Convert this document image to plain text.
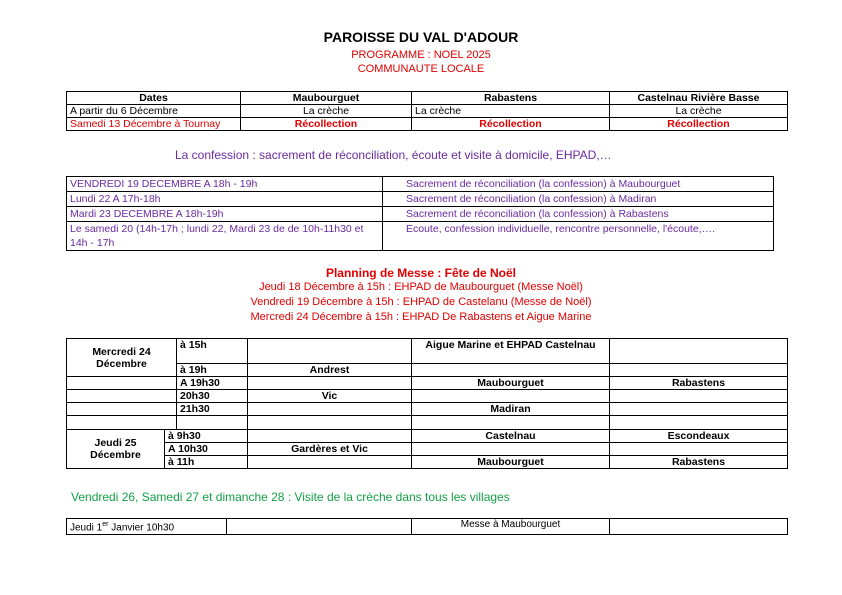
PAROISSE DU VAL D'ADOUR
PROGRAMME : NOEL 2025
COMMUNAUTE LOCALE
Dates	Maubourguet	Rabastens	Castelnau Rivière Basse
A partir du 6 Décembre	La crèche	La crèche	La crèche
Samedi 13 Décembre à Tournay	Récollection	Récollection	Récollection
La confession : sacrement de réconciliation, écoute et visite à domicile, EHPAD,…
VENDREDI 19 DECEMBRE A 18h - 19h	Sacrement de réconciliation (la confession) à Maubourguet
Lundi 22 A 17h-18h	Sacrement de réconciliation (la confession) à Madiran
Mardi 23 DECEMBRE A 18h-19h	Sacrement de réconciliation (la confession) à Rabastens
Le samedi 20 (14h-17h ; lundi 22, Mardi 23 de de 10h-11h30 et 14h - 17h	Ecoute, confession individuelle, rencontre personnelle, l'écoute,….
Planning de Messe : Fête de Noël
Jeudi 18 Décembre à 15h : EHPAD de Maubourguet (Messe Noël)
Vendredi 19 Décembre à 15h : EHPAD de Castelanu (Messe de Noël)
Mercredi 24 Décembre à 15h : EHPAD De Rabastens et Aigue Marine
Mercredi 24 Décembre		à 15h		Aigue Marine et EHPAD Castelnau	
		à 19h	Andrest		
		A 19h30		Maubourguet	Rabastens
		20h30	Vic		
		21h30		Madiran	

Jeudi 25 Décembre	à 9h30			Castelnau	Escondeaux
	A 10h30		Gardères et Vic		
	à 11h			Maubourguet	Rabastens
Vendredi 26, Samedi 27 et dimanche 28 : Visite de la crèche dans tous les villages
Jeudi 1er Janvier 10h30		Messe à Maubourguet	
